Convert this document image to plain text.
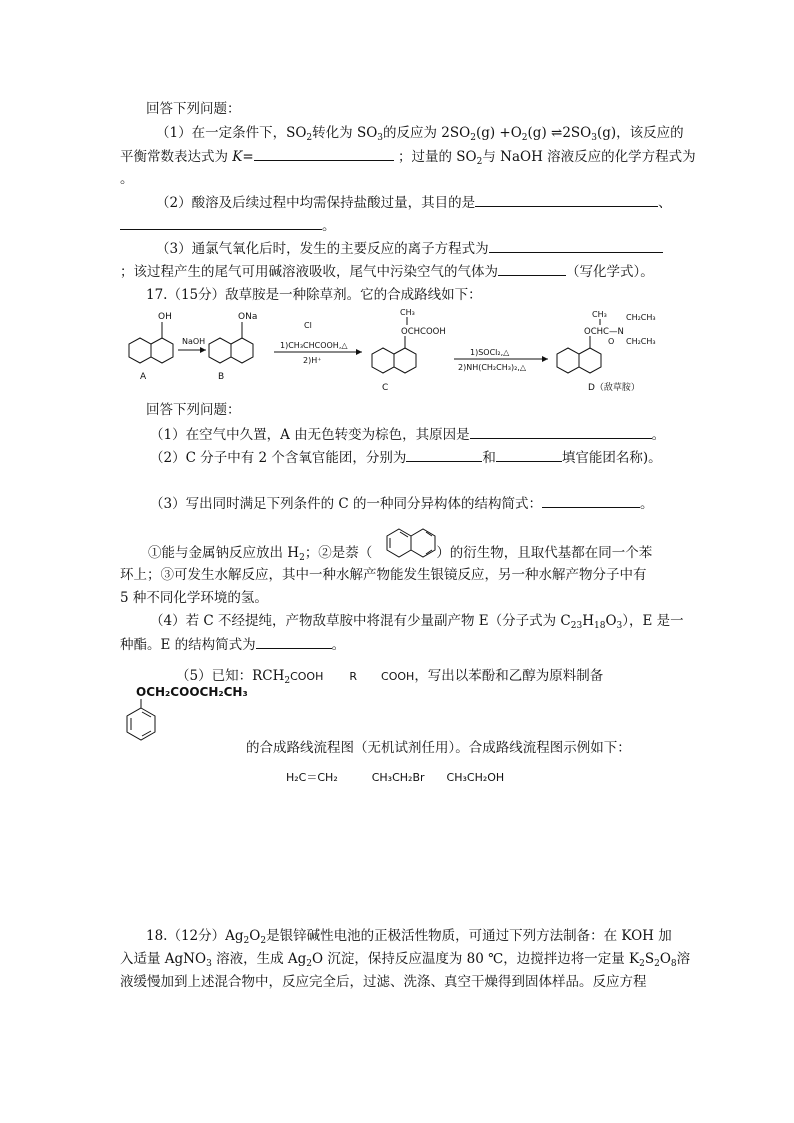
回答下列问题：
（1）在一定条件下，$SO_2$转化为 $SO_3$的反应为 $2SO_2(g) +O_2(g)$ $\rightleftharpoons 2SO_3(g)$，该反应的
平衡常数表达式为 K=	；过量的 $SO_2$与 NaOH 溶液反应的化学方程式为
。
（2）酸溶及后续过程中均需保持盐酸过量，其目的是	、
。
（3）通氯气氧化后时，发生的主要反应的离子方程式为
；该过程产生的尾气可用碱溶液吸收，尾气中污染空气的气体为	（写化学式）。
17.（15分）敌草胺是一种除草剂。它的合成路线如下：
OH
A
NaOH
ONa
B
Cl
1)CH₃CHCOOH,△
2)H⁺
CH₃
OCHCOOH
C
1)SOCl₂,△
2)NH(CH₂CH₃)₂,△
CH₃ CH₂CH₃
OCHC—N
O CH₂CH₃
D（敌草胺）
回答下列问题：
（1）在空气中久置，A 由无色转变为棕色，其原因是	。
（2）C 分子中有 2 个含氧官能团，分别为	和	填官能团名称)。
（3）写出同时满足下列条件的 C 的一种同分异构体的结构简式：	。
①能与金属钠反应放出 $H_2$；②是萘（	）的衍生物，且取代基都在同一个苯
环上；③可发生水解反应，其中一种水解产物能发生银镜反应，另一种水解产物分子中有
5 种不同化学环境的氢。
（4）若 C 不经提纯，产物敌草胺中将混有少量副产物 E（分子式为 $C_{23}H_{18}O_3$），E 是一
种酯。E 的结构简式为	。
（5）已知：$RCH_2COOH$ R COOH，写出以苯酚和乙醇为原料制备
OCH₂COOCH₂CH₃
的合成路线流程图（无机试剂任用）。合成路线流程图示例如下：
H₂C＝CH₂	CH₃CH₂Br CH₃CH₂OH
18.（12分）$Ag_2O_2$是银锌碱性电池的正极活性物质，可通过下列方法制备：在 KOH 加
入适量 AgNO$_3$ 溶液，生成 $Ag_2O$ 沉淀，保持反应温度为 80 ℃，边搅拌边将一定量 $K_2S_2O_8$溶
液缓慢加到上述混合物中，反应完全后，过滤、洗涤、真空干燥得到固体样品。反应方程
